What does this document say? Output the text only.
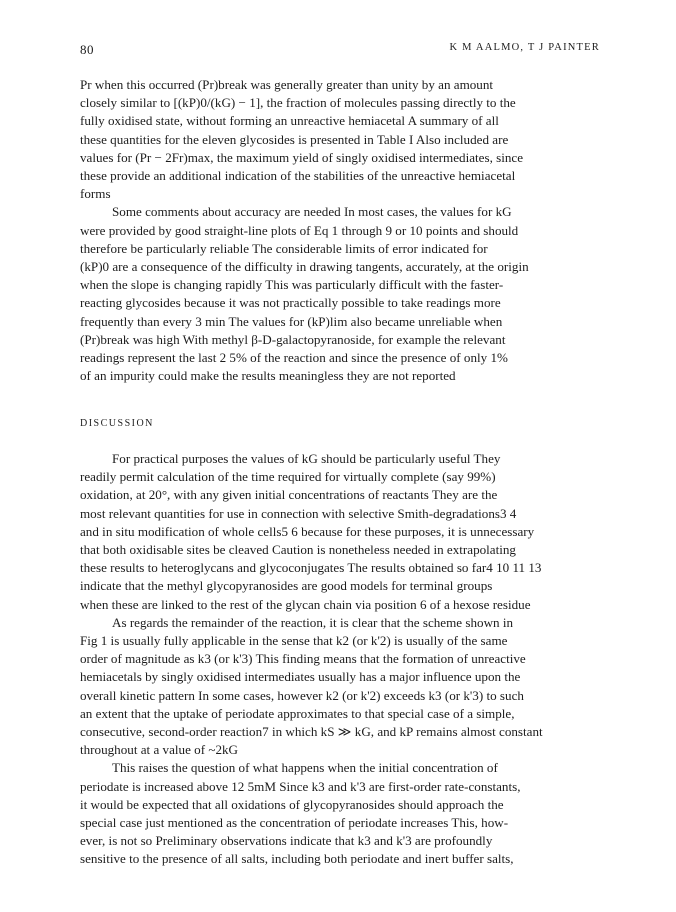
80	K M AALMO, T J PAINTER

Pr when this occurred (Pr)break was generally greater than unity by an amount
closely similar to [(kP)0/(kG) − 1], the fraction of molecules passing directly to the
fully oxidised state, without forming an unreactive hemiacetal A summary of all
these quantities for the eleven glycosides is presented in Table I Also included are
values for (Pr − 2Fr)max, the maximum yield of singly oxidised intermediates, since
these provide an additional indication of the stabilities of the unreactive hemiacetal
forms

Some comments about accuracy are needed In most cases, the values for kG
were provided by good straight-line plots of Eq 1 through 9 or 10 points and should
therefore be particularly reliable The considerable limits of error indicated for
(kP)0 are a consequence of the difficulty in drawing tangents, accurately, at the origin
when the slope is changing rapidly This was particularly difficult with the faster-
reacting glycosides because it was not practically possible to take readings more
frequently than every 3 min The values for (kP)lim also became unreliable when
(Pr)break was high With methyl β-D-galactopyranoside, for example the relevant
readings represent the last 2 5% of the reaction and since the presence of only 1%
of an impurity could make the results meaningless they are not reported

DISCUSSION

For practical purposes the values of kG should be particularly useful They
readily permit calculation of the time required for virtually complete (say 99%)
oxidation, at 20°, with any given initial concentrations of reactants They are the
most relevant quantities for use in connection with selective Smith-degradations3 4
and in situ modification of whole cells5 6 because for these purposes, it is unnecessary
that both oxidisable sites be cleaved Caution is nonetheless needed in extrapolating
these results to heteroglycans and glycoconjugates The results obtained so far4 10 11 13
indicate that the methyl glycopyranosides are good models for terminal groups
when these are linked to the rest of the glycan chain via position 6 of a hexose residue

As regards the remainder of the reaction, it is clear that the scheme shown in
Fig 1 is usually fully applicable in the sense that k2 (or k'2) is usually of the same
order of magnitude as k3 (or k'3) This finding means that the formation of unreactive
hemiacetals by singly oxidised intermediates usually has a major influence upon the
overall kinetic pattern In some cases, however k2 (or k'2) exceeds k3 (or k'3) to such
an extent that the uptake of periodate approximates to that special case of a simple,
consecutive, second-order reaction7 in which kS ≫ kG, and kP remains almost constant
throughout at a value of ~2kG

This raises the question of what happens when the initial concentration of
periodate is increased above 12 5mM Since k3 and k'3 are first-order rate-constants,
it would be expected that all oxidations of glycopyranosides should approach the
special case just mentioned as the concentration of periodate increases This, how-
ever, is not so Preliminary observations indicate that k3 and k'3 are profoundly
sensitive to the presence of all salts, including both periodate and inert buffer salts,
